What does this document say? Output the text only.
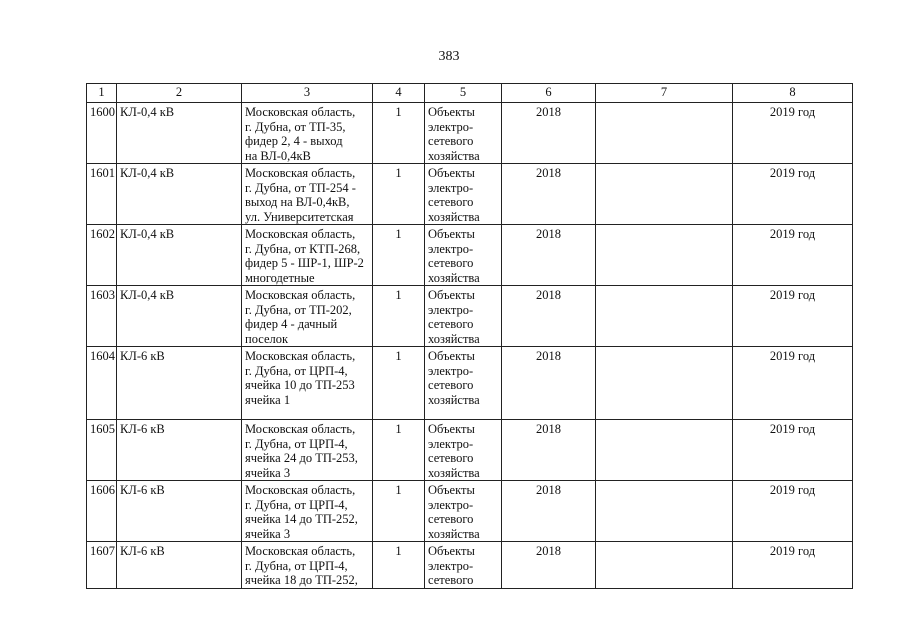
383
1	2	3	4	5	6	7	8
1600	КЛ-0,4 кВ	Московская область,
г. Дубна, от ТП-35,
фидер 2, 4 - выход
на ВЛ-0,4кВ	1	Объекты
электро-
сетевого
хозяйства	2018		2019 год
1601	КЛ-0,4 кВ	Московская область,
г. Дубна, от ТП-254 -
выход на ВЛ-0,4кВ,
ул. Университетская	1	Объекты
электро-
сетевого
хозяйства	2018		2019 год
1602	КЛ-0,4 кВ	Московская область,
г. Дубна, от КТП-268,
фидер 5 - ШР-1, ШР-2
многодетные	1	Объекты
электро-
сетевого
хозяйства	2018		2019 год
1603	КЛ-0,4 кВ	Московская область,
г. Дубна, от ТП-202,
фидер 4 - дачный
поселок	1	Объекты
электро-
сетевого
хозяйства	2018		2019 год
1604	КЛ-6 кВ	Московская область,
г. Дубна, от ЦРП-4,
ячейка 10 до ТП-253
ячейка 1	1	Объекты
электро-
сетевого
хозяйства	2018		2019 год
1605	КЛ-6 кВ	Московская область,
г. Дубна, от ЦРП-4,
ячейка 24 до ТП-253,
ячейка 3	1	Объекты
электро-
сетевого
хозяйства	2018		2019 год
1606	КЛ-6 кВ	Московская область,
г. Дубна, от ЦРП-4,
ячейка 14 до ТП-252,
ячейка 3	1	Объекты
электро-
сетевого
хозяйства	2018		2019 год
1607	КЛ-6 кВ	Московская область,
г. Дубна, от ЦРП-4,
ячейка 18 до ТП-252,	1	Объекты
электро-
сетевого	2018		2019 год
